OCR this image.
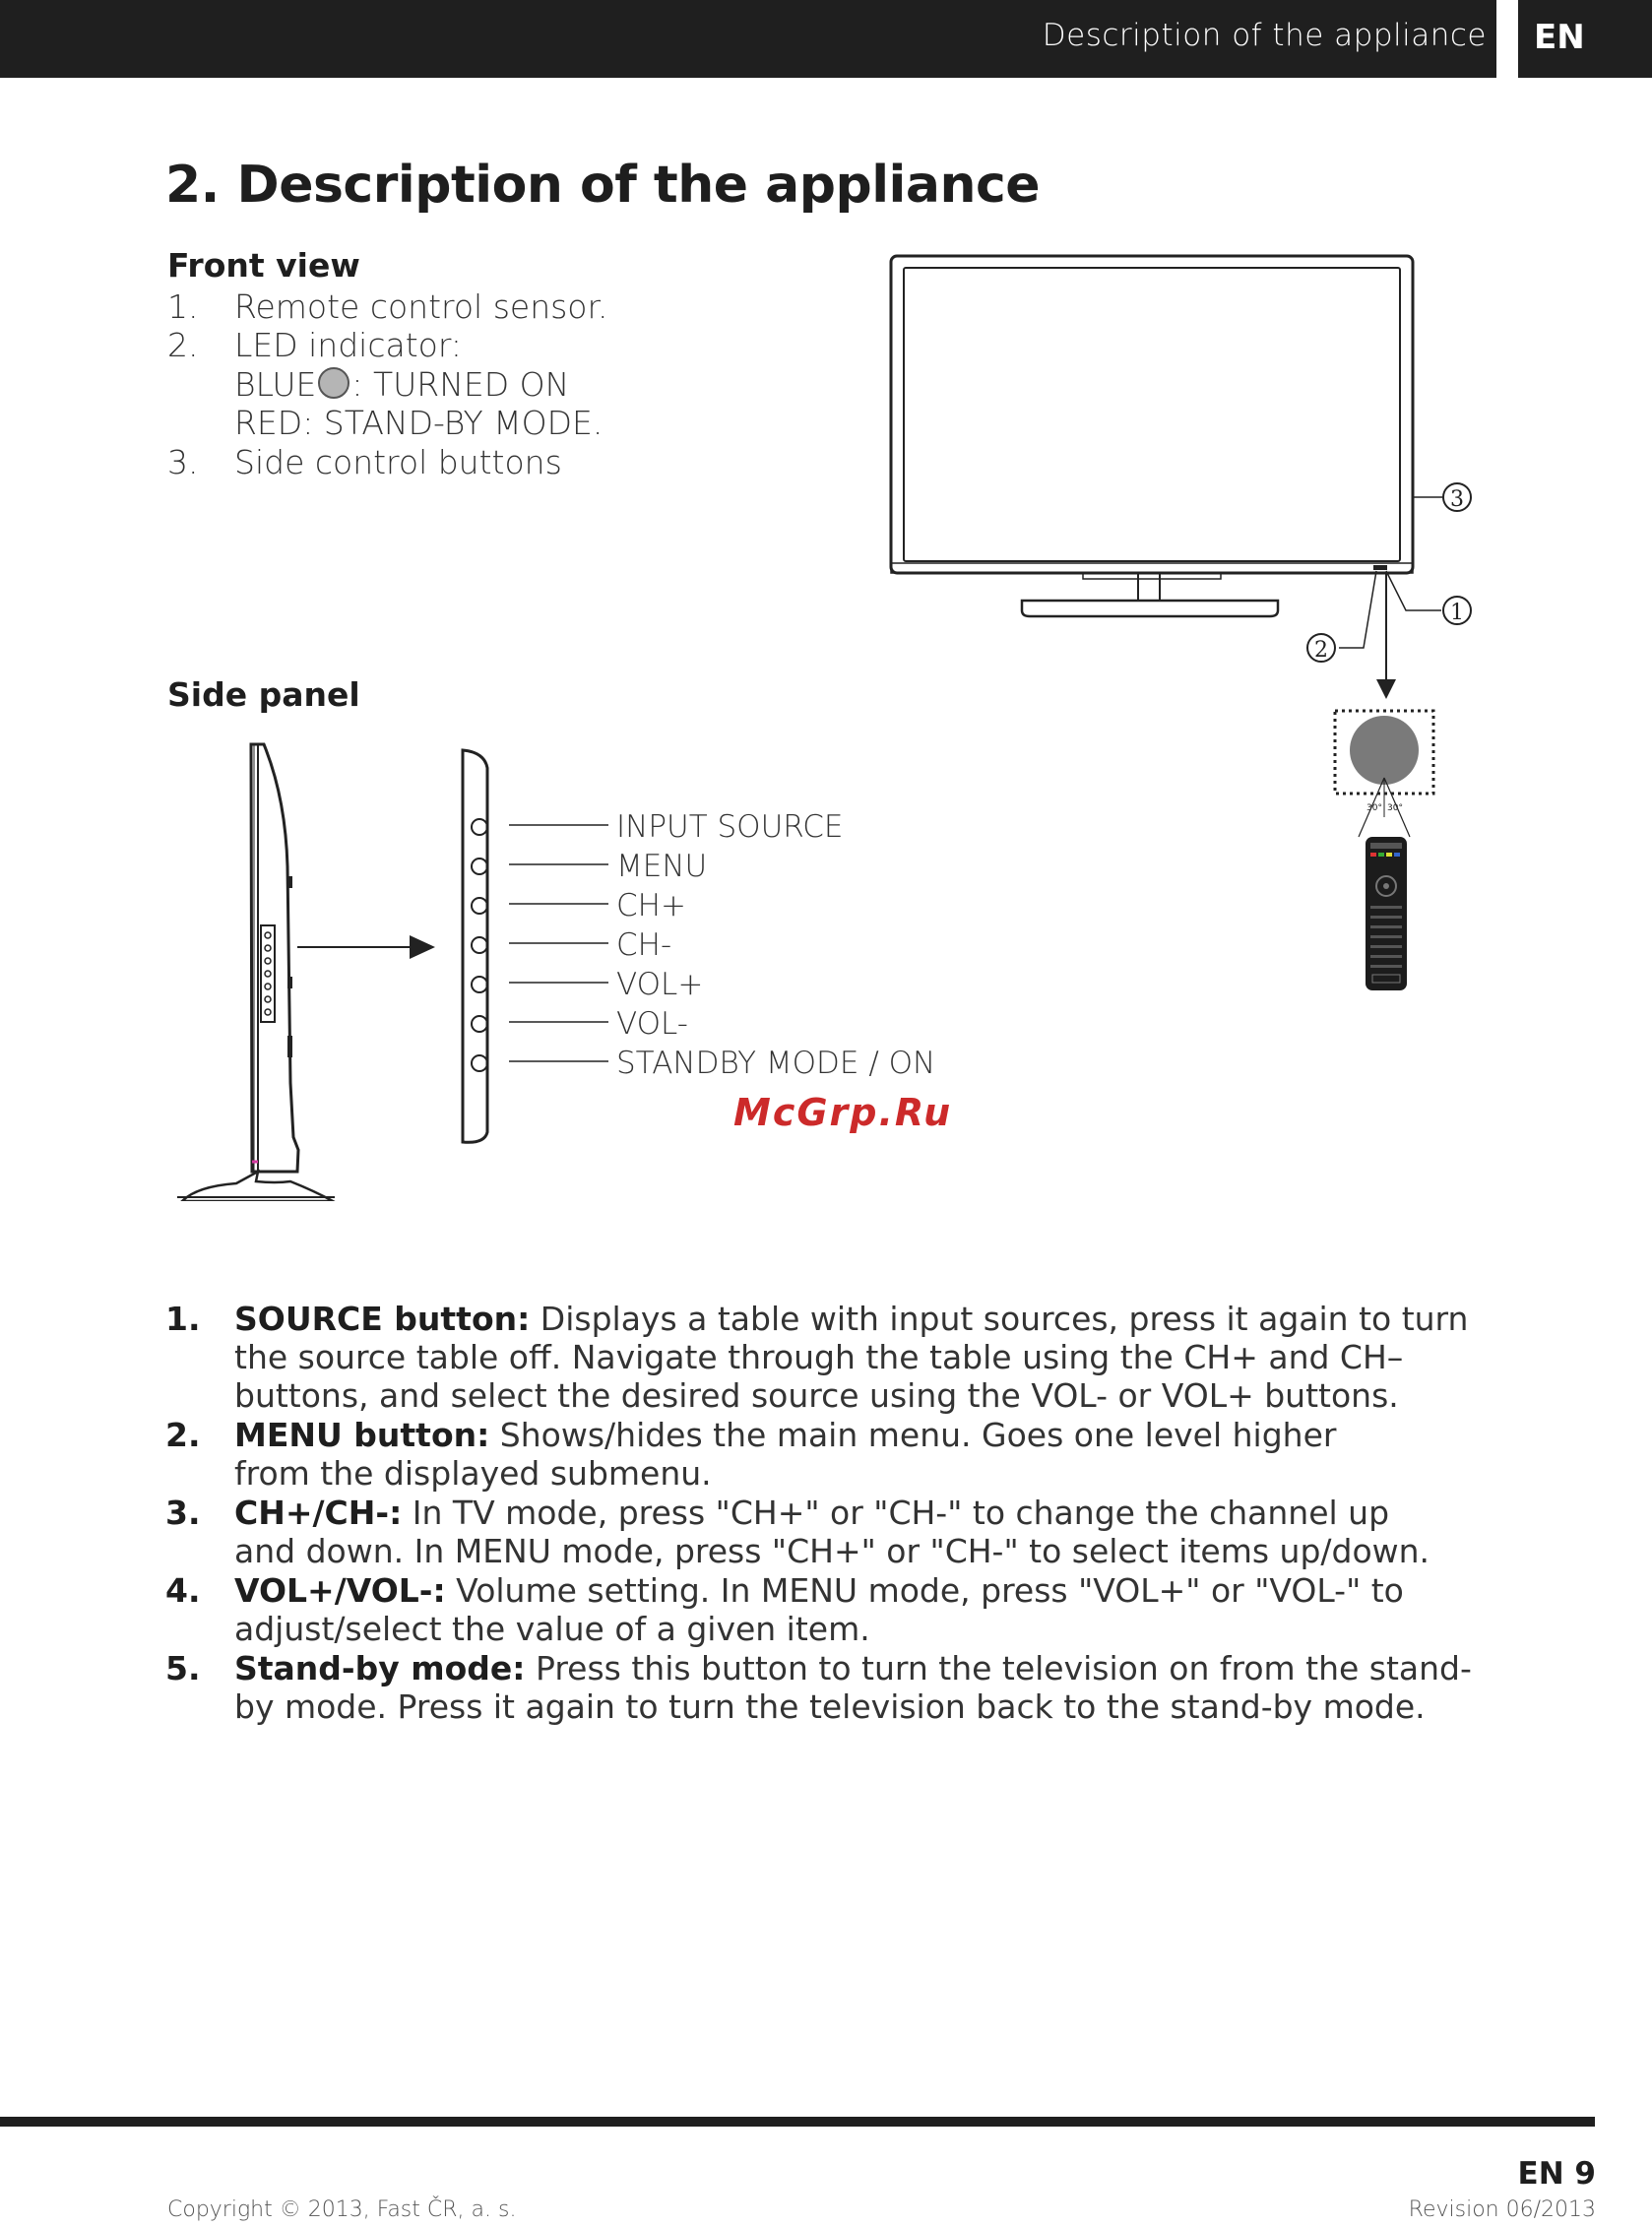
Description of the appliance EN
2. Description of the appliance
Front view
1. Remote control sensor.
2. LED indicator:
BLUE : TURNED ON
RED: STAND-BY MODE.
3. Side control buttons
3
1
2
30° 30°
Side panel
INPUT SOURCE
MENU
CH+
CH-
VOL+
VOL-
STANDBY MODE / ON
McGrp.Ru
1. SOURCE button: Displays a table with input sources, press it again to turn the source table off. Navigate through the table using the CH+ and CH– buttons, and select the desired source using the VOL- or VOL+ buttons.
2. MENU button: Shows/hides the main menu. Goes one level higher from the displayed submenu.
3. CH+/CH-: In TV mode, press "CH+" or "CH-" to change the channel up and down. In MENU mode, press "CH+" or "CH-" to select items up/down.
4. VOL+/VOL-: Volume setting. In MENU mode, press "VOL+" or "VOL-" to adjust/select the value of a given item.
5. Stand-by mode: Press this button to turn the television on from the stand-by mode. Press it again to turn the television back to the stand-by mode.
EN 9
Copyright © 2013, Fast ČR, a. s.	Revision 06/2013
